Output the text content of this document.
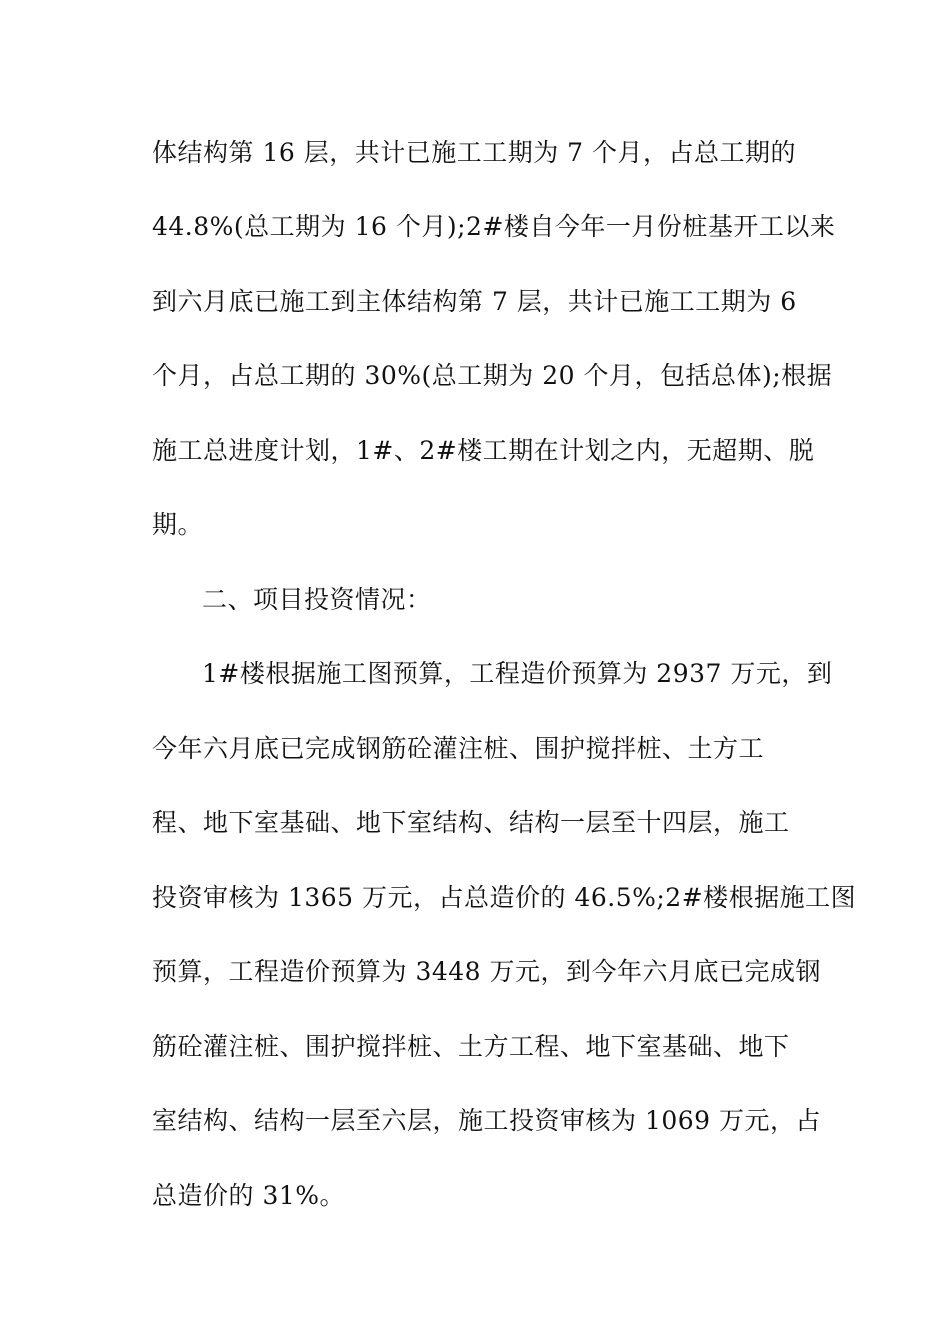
体结构第 16 层，共计已施工工期为 7 个月，占总工期的
44.8%(总工期为 16 个月);2#楼自今年一月份桩基开工以来
到六月底已施工到主体结构第 7 层，共计已施工工期为 6
个月，占总工期的 30%(总工期为 20 个月，包括总体);根据
施工总进度计划，1#、2#楼工期在计划之内，无超期、脱
期。
二、项目投资情况：
1#楼根据施工图预算，工程造价预算为 2937 万元，到
今年六月底已完成钢筋砼灌注桩、围护搅拌桩、土方工
程、地下室基础、地下室结构、结构一层至十四层，施工
投资审核为 1365 万元，占总造价的 46.5%;2#楼根据施工图
预算，工程造价预算为 3448 万元，到今年六月底已完成钢
筋砼灌注桩、围护搅拌桩、土方工程、地下室基础、地下
室结构、结构一层至六层，施工投资审核为 1069 万元，占
总造价的 31%。
